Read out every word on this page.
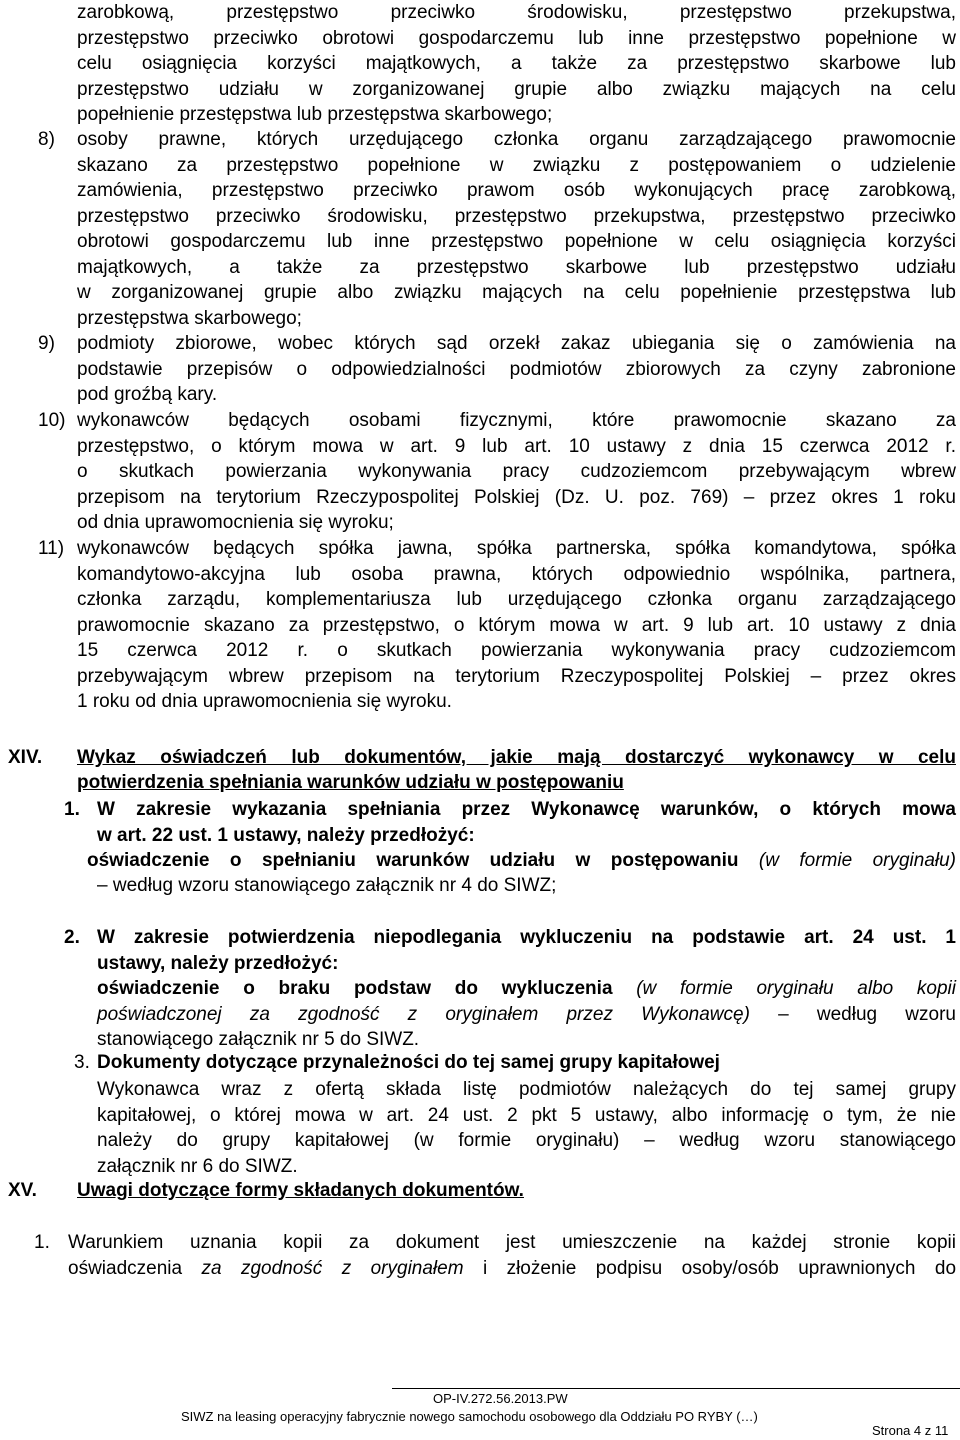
zarobkową, przestępstwo przeciwko środowisku, przestępstwo przekupstwa,
przestępstwo przeciwko obrotowi gospodarczemu lub inne przestępstwo popełnione w
celu osiągnięcia korzyści majątkowych, a także za przestępstwo skarbowe lub
przestępstwo udziału w zorganizowanej grupie albo związku mających na celu
popełnienie przestępstwa lub przestępstwa skarbowego;
8) osoby prawne, których urzędującego członka organu zarządzającego prawomocnie
skazano za przestępstwo popełnione w związku z postępowaniem o udzielenie
zamówienia, przestępstwo przeciwko prawom osób wykonujących pracę zarobkową,
przestępstwo przeciwko środowisku, przestępstwo przekupstwa, przestępstwo przeciwko
obrotowi gospodarczemu lub inne przestępstwo popełnione w celu osiągnięcia korzyści
majątkowych, a także za przestępstwo skarbowe lub przestępstwo udziału
w zorganizowanej grupie albo związku mających na celu popełnienie przestępstwa lub
przestępstwa skarbowego;
9) podmioty zbiorowe, wobec których sąd orzekł zakaz ubiegania się o zamówienia na
podstawie przepisów o odpowiedzialności podmiotów zbiorowych za czyny zabronione
pod groźbą kary.
10) wykonawców będących osobami fizycznymi, które prawomocnie skazano za
przestępstwo, o którym mowa w art. 9 lub art. 10 ustawy z dnia 15 czerwca 2012 r.
o skutkach powierzania wykonywania pracy cudzoziemcom przebywającym wbrew
przepisom na terytorium Rzeczypospolitej Polskiej (Dz. U. poz. 769) – przez okres 1 roku
od dnia uprawomocnienia się wyroku;
11) wykonawców będących spółka jawna, spółka partnerska, spółka komandytowa, spółka
komandytowo-akcyjna lub osoba prawna, których odpowiednio wspólnika, partnera,
członka zarządu, komplementariusza lub urzędującego członka organu zarządzającego
prawomocnie skazano za przestępstwo, o którym mowa w art. 9 lub art. 10 ustawy z dnia
15 czerwca 2012 r. o skutkach powierzania wykonywania pracy cudzoziemcom
przebywającym wbrew przepisom na terytorium Rzeczypospolitej Polskiej – przez okres
1 roku od dnia uprawomocnienia się wyroku.
XIV. Wykaz oświadczeń lub dokumentów, jakie mają dostarczyć wykonawcy w celu
potwierdzenia spełniania warunków udziału w postępowaniu
1. W zakresie wykazania spełniania przez Wykonawcę warunków, o których mowa
w art. 22 ust. 1 ustawy, należy przedłożyć:
oświadczenie o spełnianiu warunków udziału w postępowaniu (w formie oryginału)
– według wzoru stanowiącego załącznik nr 4 do SIWZ;
2. W zakresie potwierdzenia niepodlegania wykluczeniu na podstawie art. 24 ust. 1
ustawy, należy przedłożyć:
oświadczenie o braku podstaw do wykluczenia (w formie oryginału albo kopii
poświadczonej za zgodność z oryginałem przez Wykonawcę) – według wzoru
stanowiącego załącznik nr 5 do SIWZ.
3. Dokumenty dotyczące przynależności do tej samej grupy kapitałowej
Wykonawca wraz z ofertą składa listę podmiotów należących do tej samej grupy
kapitałowej, o której mowa w art. 24 ust. 2 pkt 5 ustawy, albo informację o tym, że nie
należy do grupy kapitałowej (w formie oryginału) – według wzoru stanowiącego
załącznik nr 6 do SIWZ.
XV. Uwagi dotyczące formy składanych dokumentów.
1. Warunkiem uznania kopii za dokument jest umieszczenie na każdej stronie kopii
oświadczenia za zgodność z oryginałem i złożenie podpisu osoby/osób uprawnionych do
OP-IV.272.56.2013.PW
SIWZ na leasing operacyjny fabrycznie nowego samochodu osobowego dla Oddziału PO RYBY (…)
Strona 4 z 11
